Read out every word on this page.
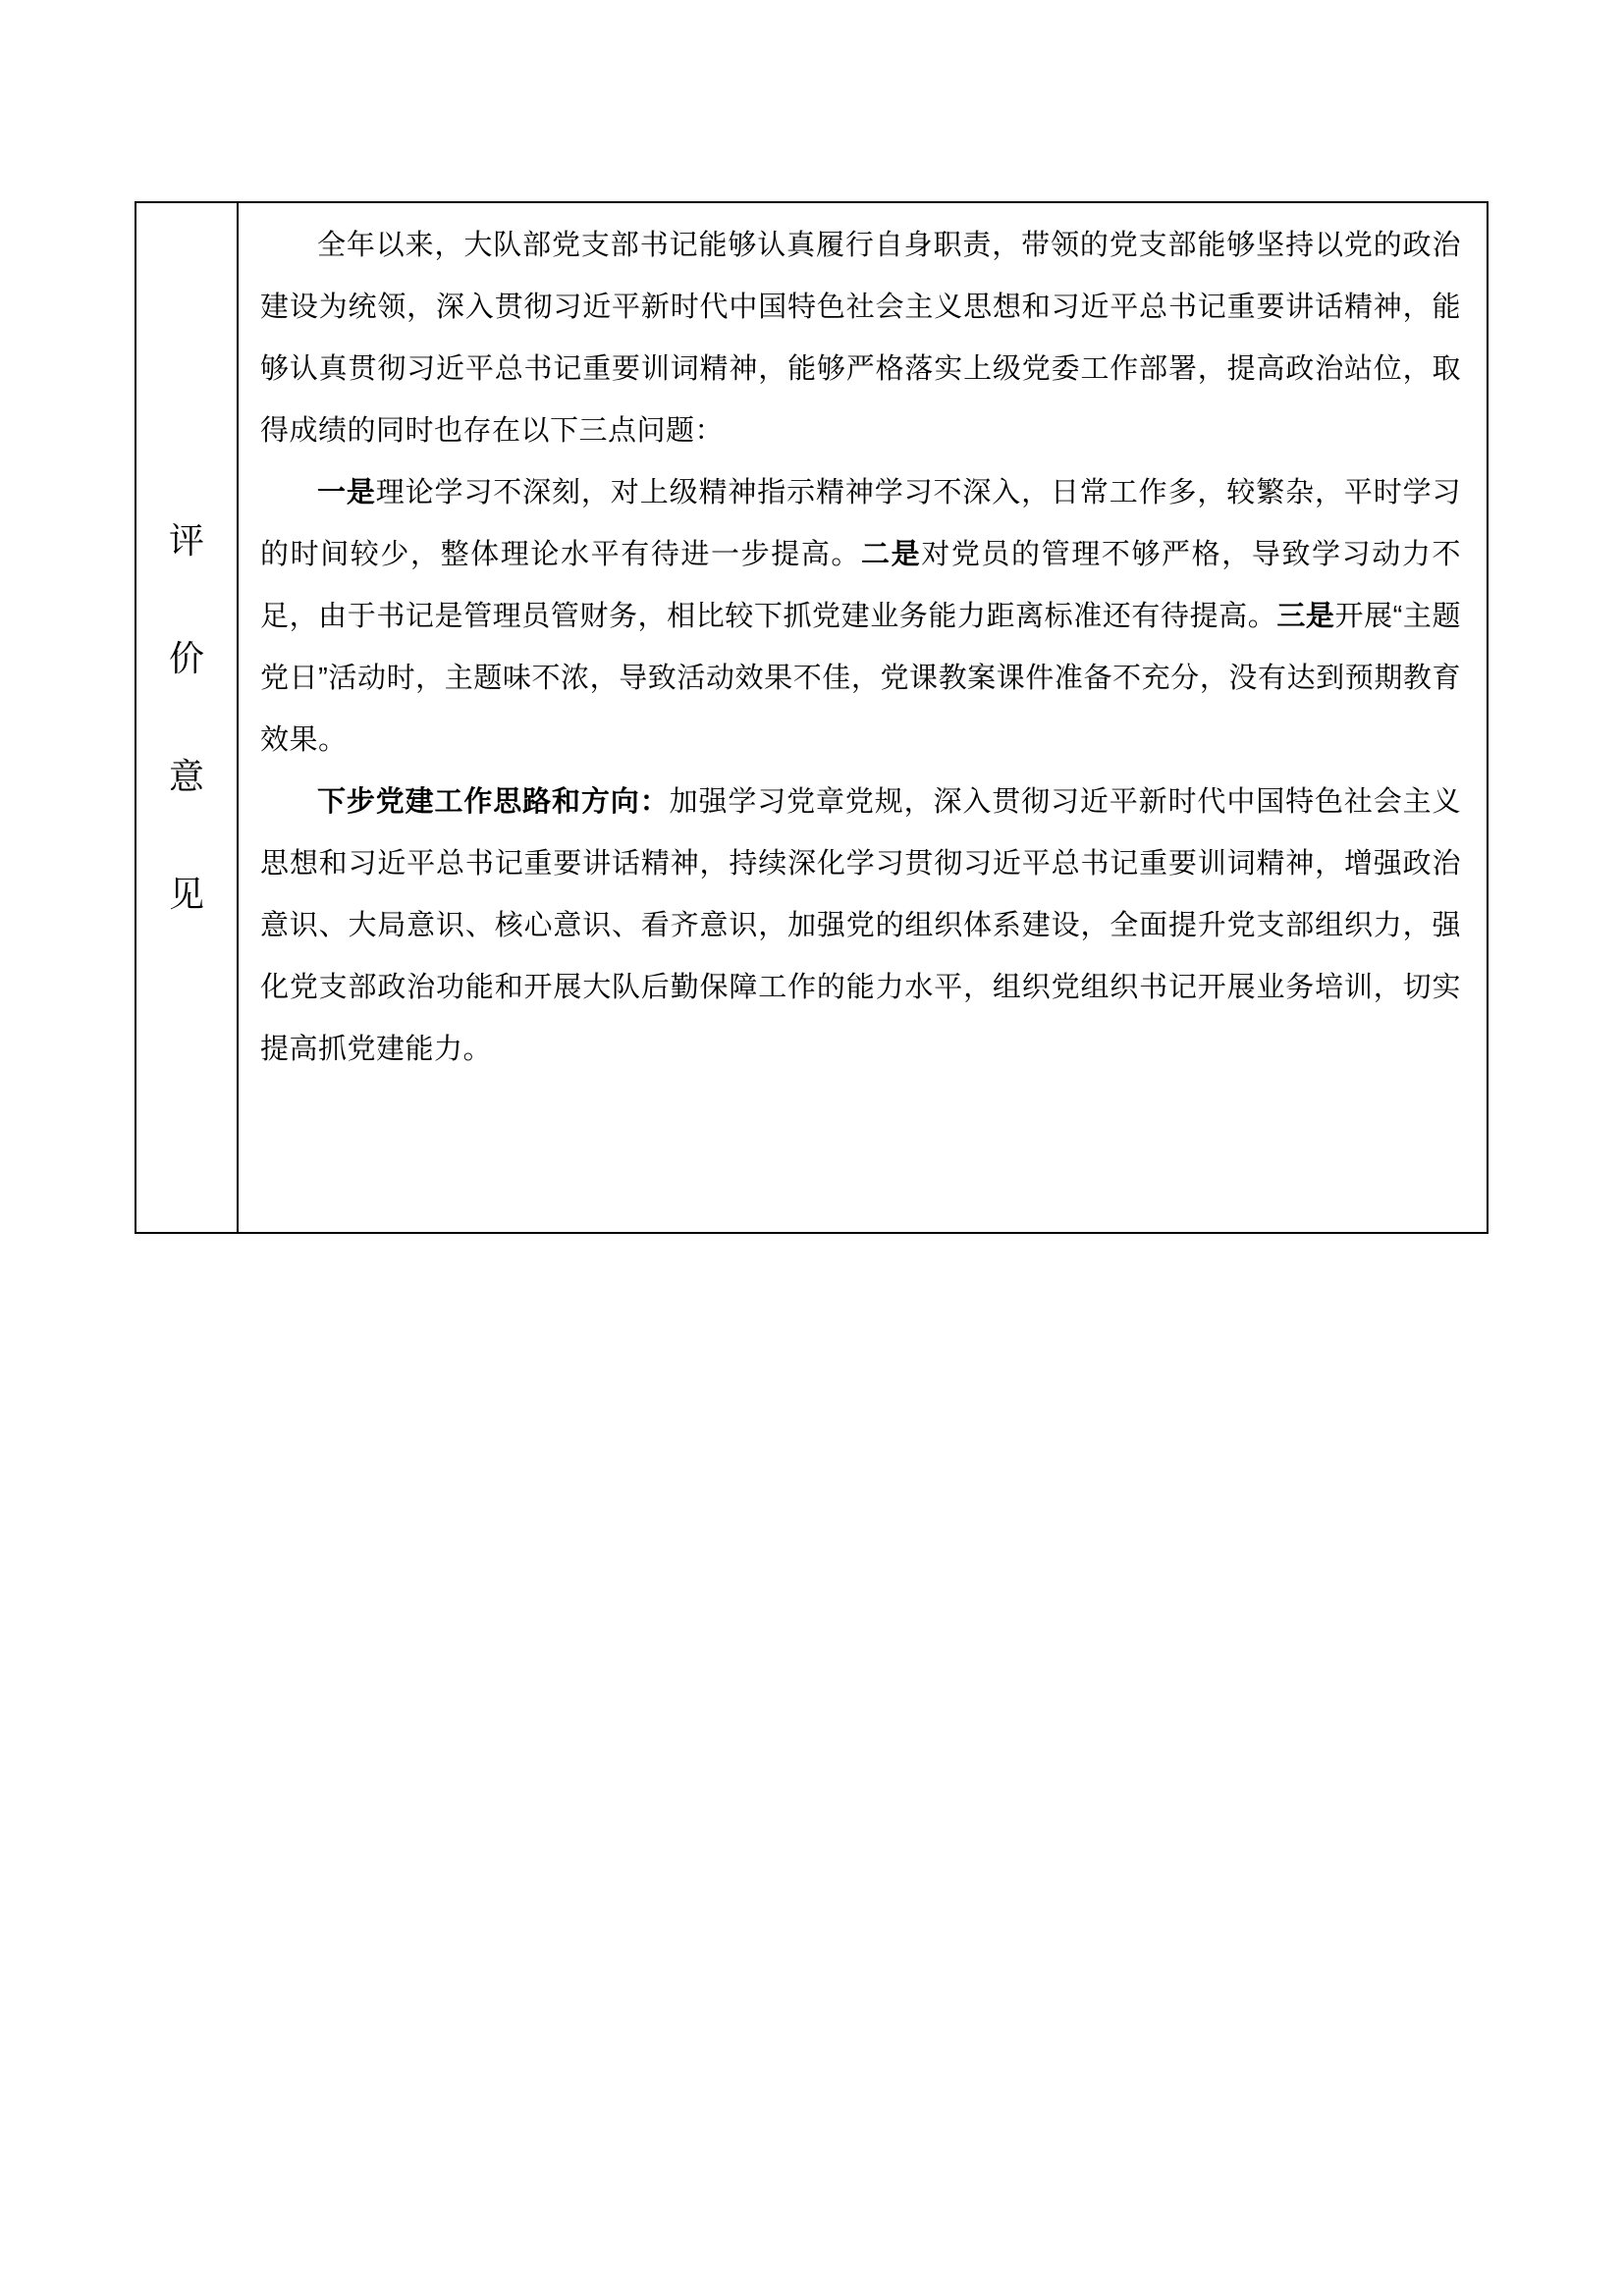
评
价
意
见

全年以来，大队部党支部书记能够认真履行自身职责，带领的党支部能够坚持以党的政治建设为统领，深入贯彻习近平新时代中国特色社会主义思想和习近平总书记重要讲话精神，能够认真贯彻习近平总书记重要训词精神，能够严格落实上级党委工作部署，提高政治站位，取得成绩的同时也存在以下三点问题：

一是理论学习不深刻，对上级精神指示精神学习不深入，日常工作多，较繁杂，平时学习的时间较少，整体理论水平有待进一步提高。二是对党员的管理不够严格，导致学习动力不足，由于书记是管理员管财务，相比较下抓党建业务能力距离标准还有待提高。三是开展“主题党日”活动时，主题味不浓，导致活动效果不佳，党课教案课件准备不充分，没有达到预期教育效果。

下步党建工作思路和方向：加强学习党章党规，深入贯彻习近平新时代中国特色社会主义思想和习近平总书记重要讲话精神，持续深化学习贯彻习近平总书记重要训词精神，增强政治意识、大局意识、核心意识、看齐意识，加强党的组织体系建设，全面提升党支部组织力，强化党支部政治功能和开展大队后勤保障工作的能力水平，组织党组织书记开展业务培训，切实提高抓党建能力。
